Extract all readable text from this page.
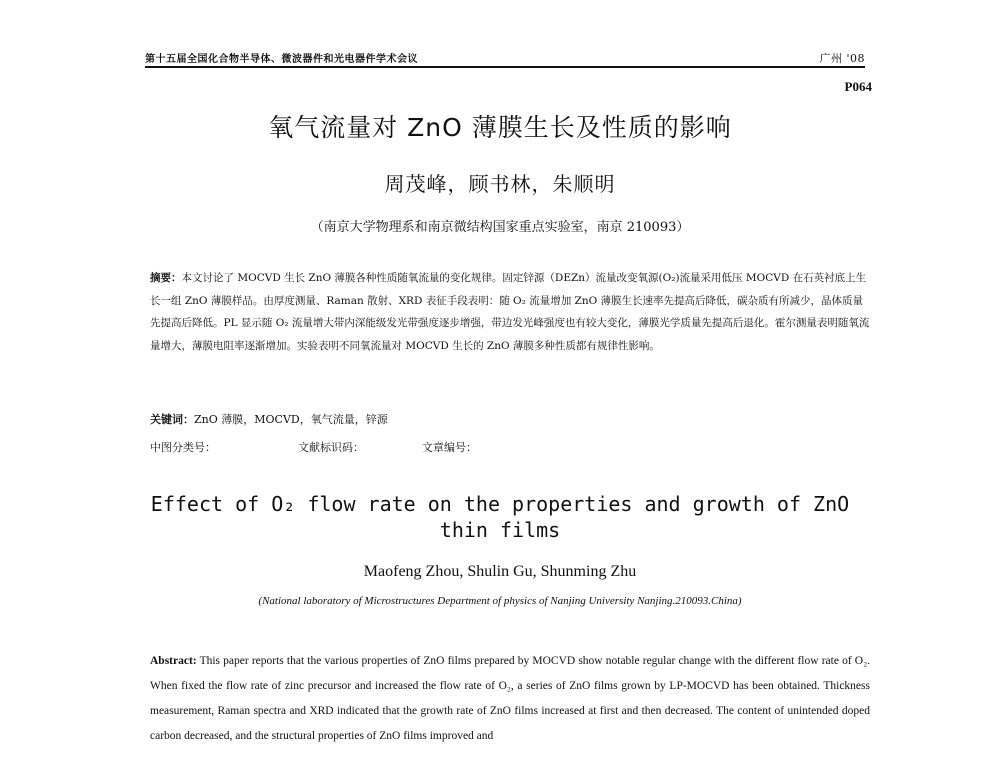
第十五届全国化合物半导体、微波器件和光电器件学术会议	广州 '08
P064
氧气流量对 ZnO 薄膜生长及性质的影响
周茂峰，顾书林，朱顺明
（南京大学物理系和南京微结构国家重点实验室，南京 210093）

摘要：本文讨论了 MOCVD 生长 ZnO 薄膜各种性质随氧流量的变化规律。固定锌源（DEZn）流量改变氧源(O₂)流量采用低压 MOCVD 在石英衬底上生长一组 ZnO 薄膜样品。由厚度测量、Raman 散射、XRD 表征手段表明：随 O₂ 流量增加 ZnO 薄膜生长速率先提高后降低，碳杂质有所减少，晶体质量先提高后降低。PL 显示随 O₂ 流量增大带内深能级发光带强度逐步增强，带边发光峰强度也有较大变化，薄膜光学质量先提高后退化。霍尔测量表明随氧流量增大，薄膜电阻率逐渐增加。实验表明不同氧流量对 MOCVD 生长的 ZnO 薄膜多种性质都有规律性影响。

关键词：ZnO 薄膜，MOCVD，氧气流量，锌源
中图分类号：	文献标识码：	文章编号：
Effect of O₂ flow rate on the properties and growth of ZnO
thin films
Maofeng Zhou, Shulin Gu, Shunming Zhu
(National laboratory of Microstructures Department of physics of Nanjing University Nanjing.210093.China)
Abstract: This paper reports that the various properties of ZnO films prepared by MOCVD show notable regular change with the different flow rate of O₂. When fixed the flow rate of zinc precursor and increased the flow rate of O₂, a series of ZnO films grown by LP-MOCVD has been obtained. Thickness measurement, Raman spectra and XRD indicated that the growth rate of ZnO films increased at first and then decreased. The content of unintended doped carbon decreased, and the structural properties of ZnO films improved and
